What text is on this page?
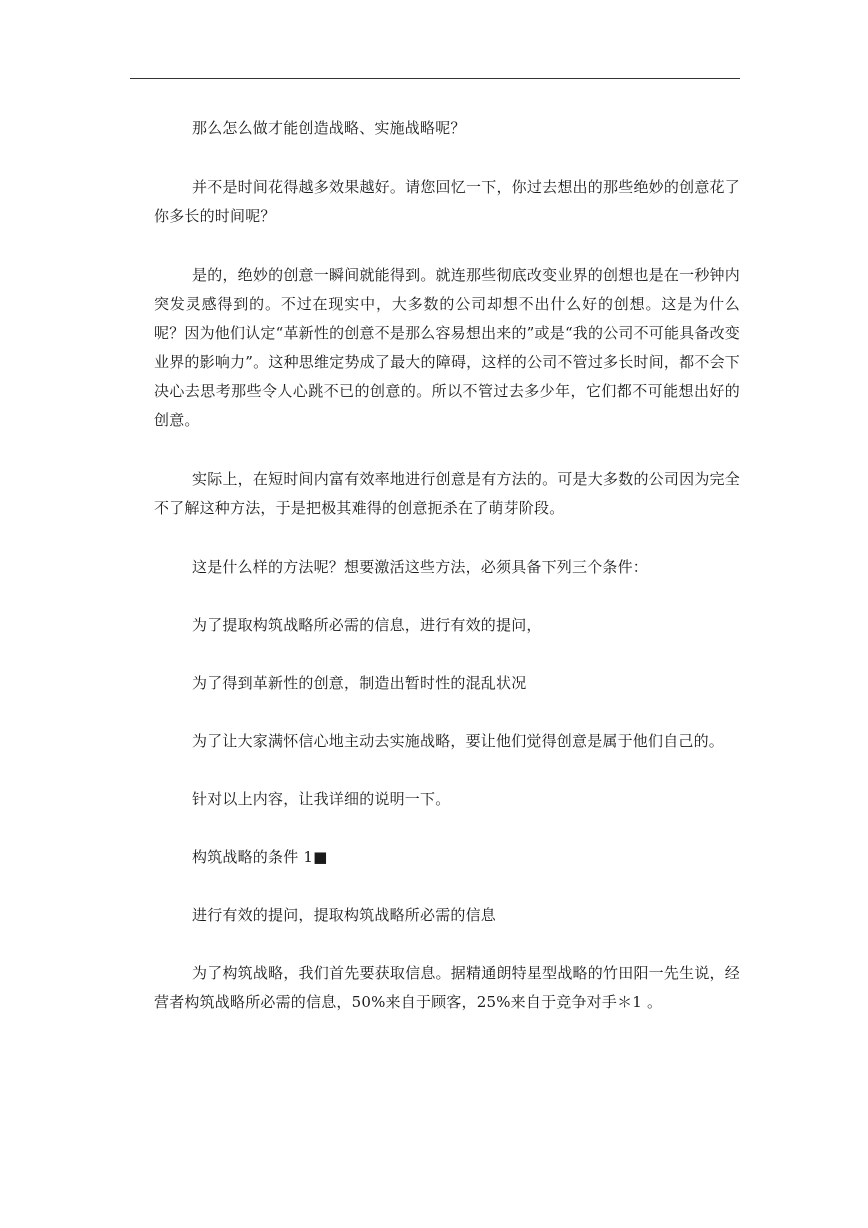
那么怎么做才能创造战略、实施战略呢？

并不是时间花得越多效果越好。请您回忆一下，你过去想出的那些绝妙的创意花了你多长的时间呢？

是的，绝妙的创意一瞬间就能得到。就连那些彻底改变业界的创想也是在一秒钟内突发灵感得到的。不过在现实中，大多数的公司却想不出什么好的创想。这是为什么呢？因为他们认定“革新性的创意不是那么容易想出来的”或是“我的公司不可能具备改变业界的影响力”。这种思维定势成了最大的障碍，这样的公司不管过多长时间，都不会下决心去思考那些令人心跳不已的创意的。所以不管过去多少年，它们都不可能想出好的创意。

实际上，在短时间内富有效率地进行创意是有方法的。可是大多数的公司因为完全不了解这种方法，于是把极其难得的创意扼杀在了萌芽阶段。

这是什么样的方法呢？想要激活这些方法，必须具备下列三个条件：

为了提取构筑战略所必需的信息，进行有效的提问，

为了得到革新性的创意，制造出暂时性的混乱状况

为了让大家满怀信心地主动去实施战略，要让他们觉得创意是属于他们自己的。

针对以上内容，让我详细的说明一下。

构筑战略的条件 1■

进行有效的提问，提取构筑战略所必需的信息

为了构筑战略，我们首先要获取信息。据精通朗特星型战略的竹田阳一先生说，经营者构筑战略所必需的信息，50%来自于顾客，25%来自于竞争对手＊1 。
